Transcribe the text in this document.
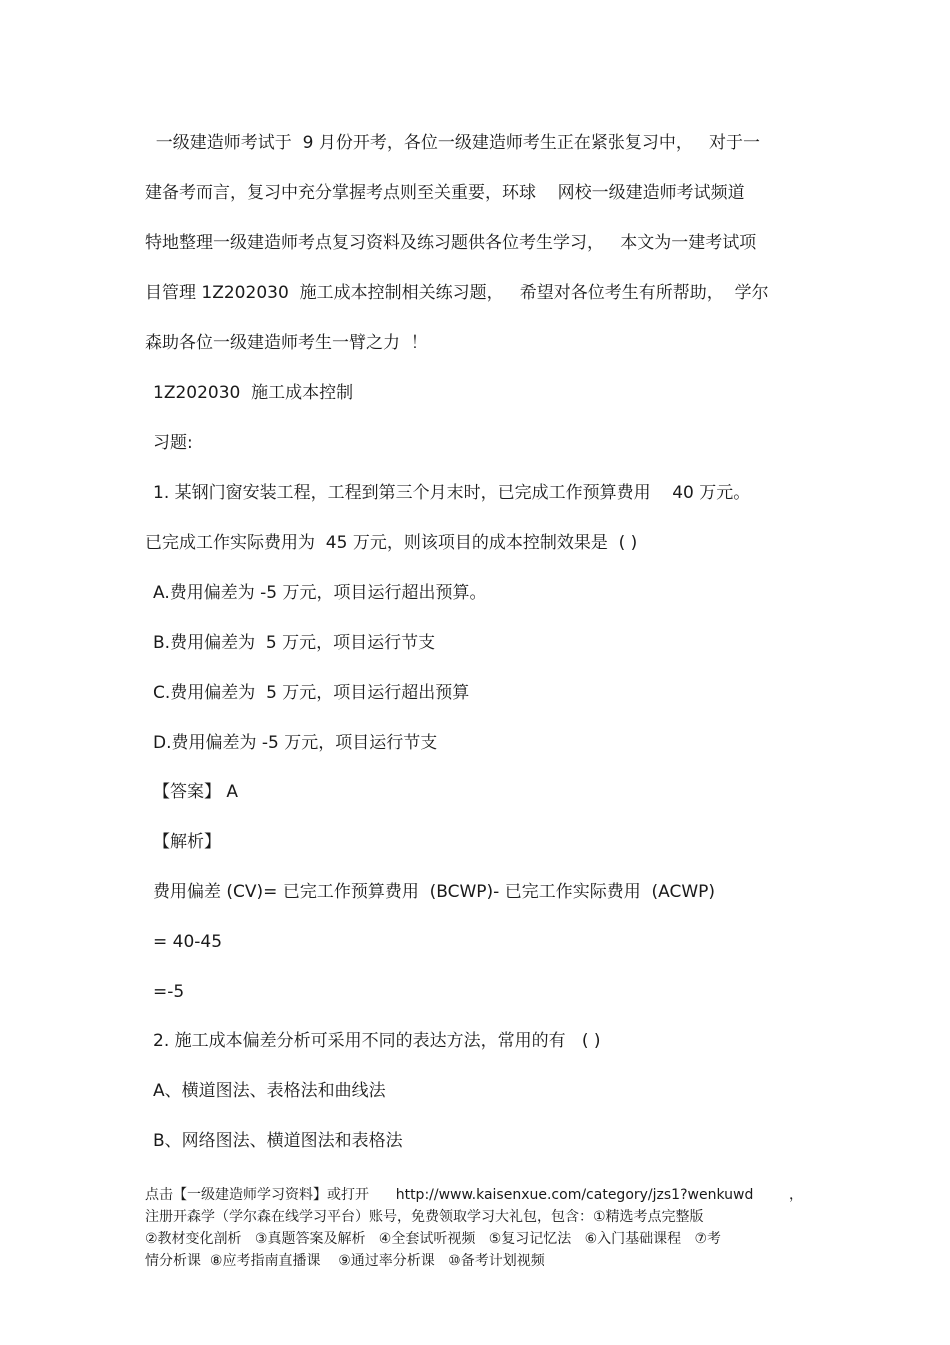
一级建造师考试于  9 月份开考，各位一级建造师考生正在紧张复习中，   对于一

建备考而言，复习中充分掌握考点则至关重要，环球    网校一级建造师考试频道

特地整理一级建造师考点复习资料及练习题供各位考生学习，   本文为一建考试项

目管理 1Z202030  施工成本控制相关练习题，   希望对各位考生有所帮助，  学尔

森助各位一级建造师考生一臂之力  ！

1Z202030  施工成本控制

习题:

1. 某钢门窗安装工程，工程到第三个月末时，已完成工作预算费用    40 万元。

已完成工作实际费用为  45 万元，则该项目的成本控制效果是  ( )

A.费用偏差为 -5 万元，项目运行超出预算。

B.费用偏差为  5 万元，项目运行节支

C.费用偏差为  5 万元，项目运行超出预算

D.费用偏差为 -5 万元，项目运行节支

【答案】 A

【解析】

费用偏差 (CV)= 已完工作预算费用  (BCWP)- 已完工作实际费用  (ACWP)

= 40-45

=-5

2. 施工成本偏差分析可采用不同的表达方法，常用的有   ( )

A、横道图法、表格法和曲线法

B、网络图法、横道图法和表格法

点击【一级建造师学习资料】或打开      http://www.kaisenxue.com/category/jzs1?wenkuwd        ，

注册开森学（学尔森在线学习平台）账号，免费领取学习大礼包，包含：①精选考点完整版

②教材变化剖析   ③真题答案及解析   ④全套试听视频   ⑤复习记忆法   ⑥入门基础课程   ⑦考

情分析课  ⑧应考指南直播课    ⑨通过率分析课   ⑩备考计划视频
